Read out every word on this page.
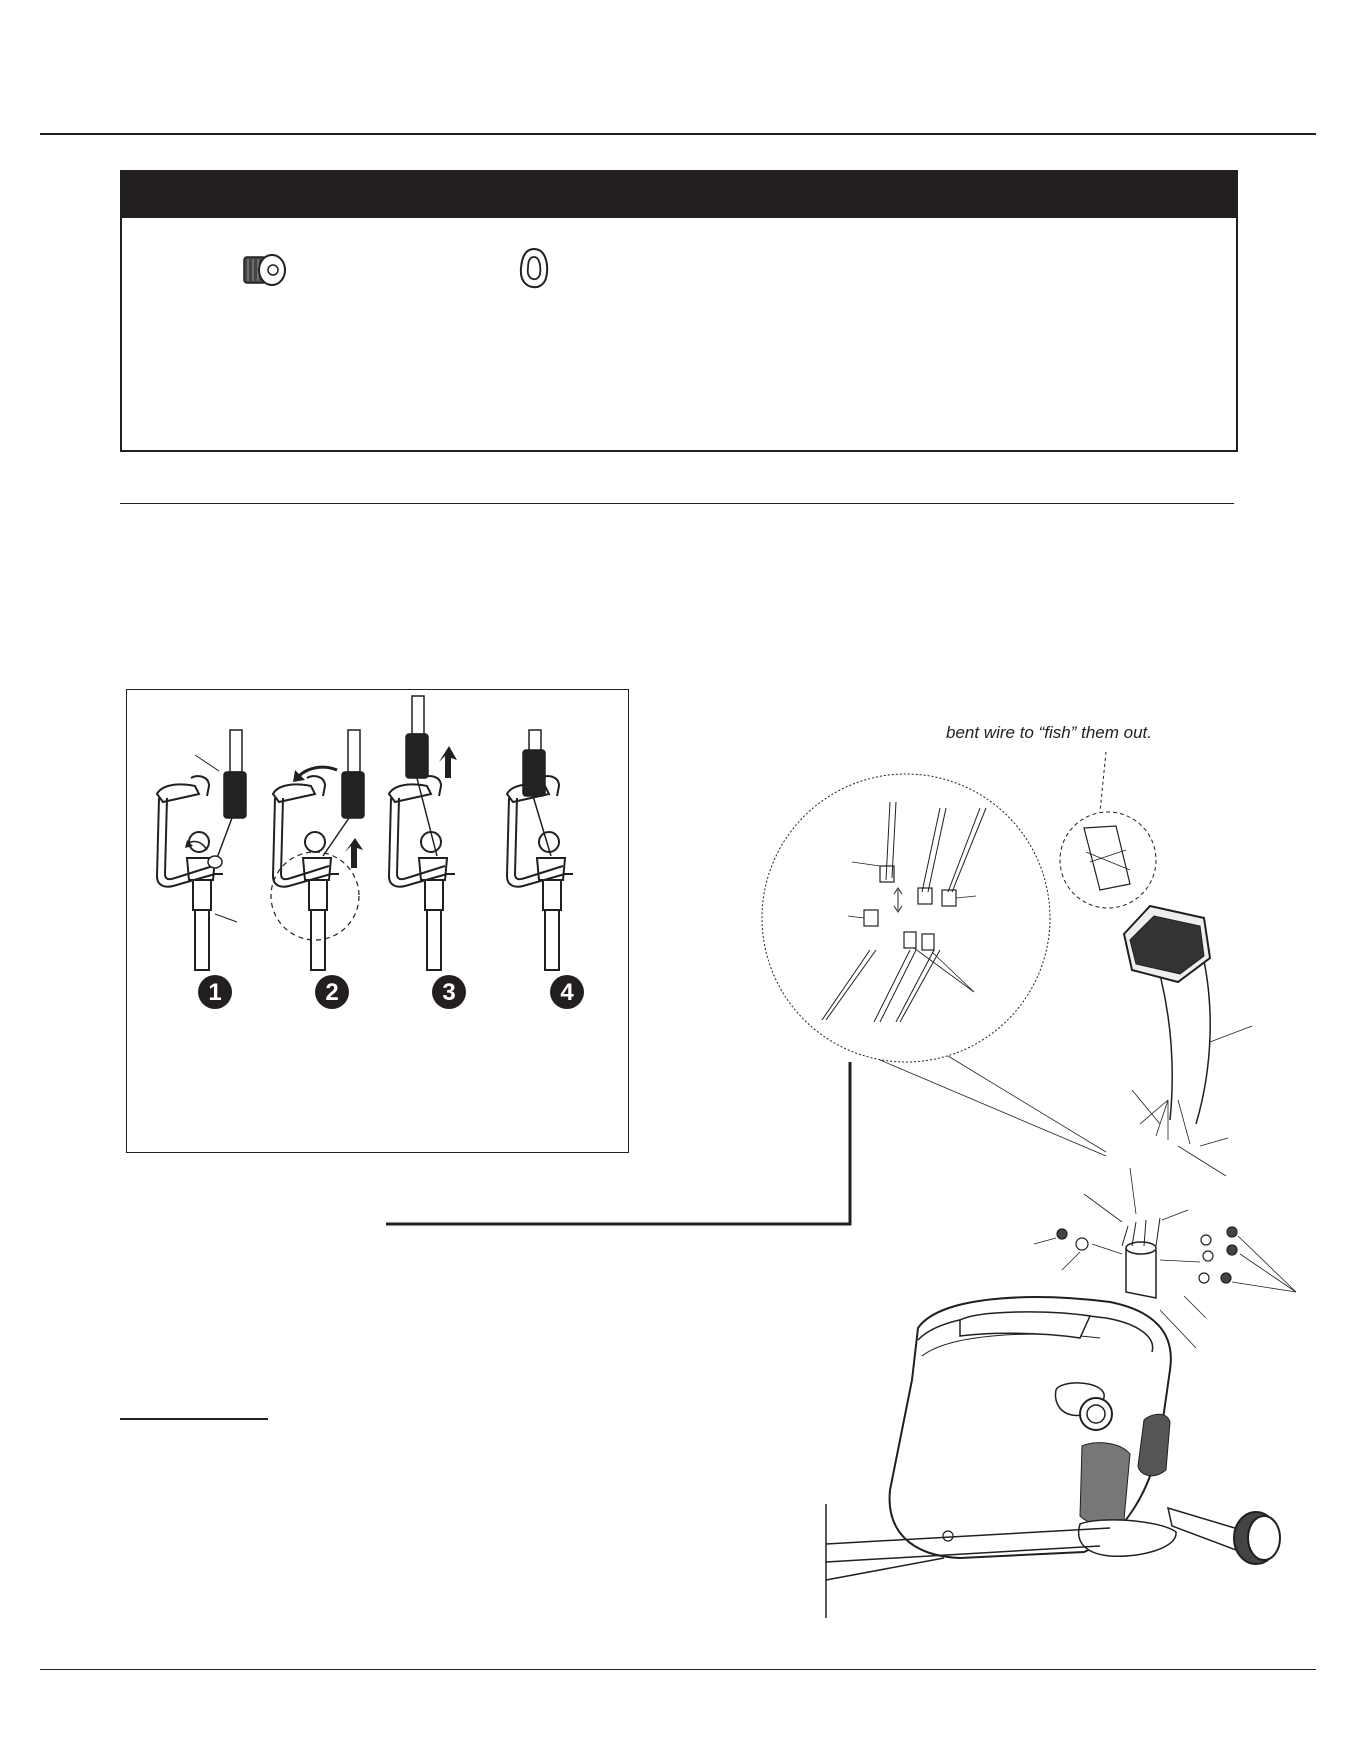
1	2	3	4
bent wire to “fish” them out.
